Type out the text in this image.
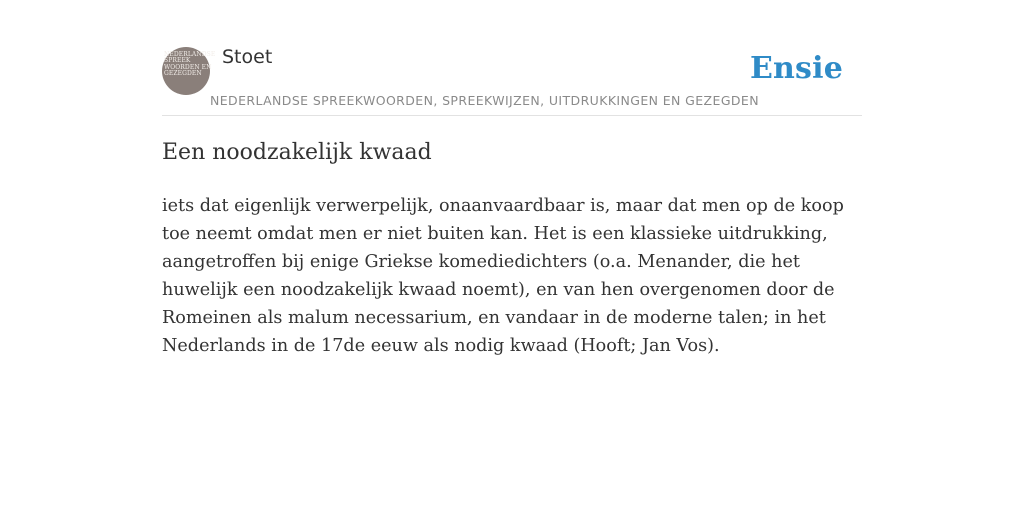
NEDERLANDSE
SPREEK
WOORDEN EN
GEZEGDEN
Stoet
NEDERLANDSE SPREEKWOORDEN, SPREEKWIJZEN, UITDRUKKINGEN EN GEZEGDEN
Ensie
Een noodzakelijk kwaad

iets dat eigenlijk verwerpelijk, onaanvaardbaar is, maar dat men op de koop toe neemt omdat men er niet buiten kan. Het is een klassieke uitdrukking, aangetroffen bij enige Griekse komediedichters (o.a. Menander, die het huwelijk een noodzakelijk kwaad noemt), en van hen overgenomen door de Romeinen als malum necessarium, en vandaar in de moderne talen; in het Nederlands in de 17de eeuw als nodig kwaad (Hooft; Jan Vos).
